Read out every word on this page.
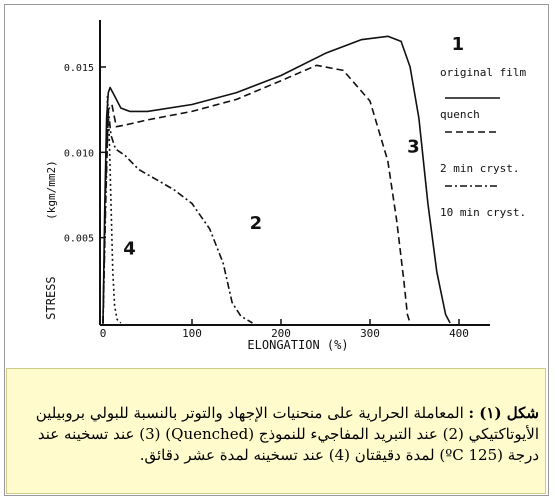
0	100	200	300	400
0.005
0.010
0.015
1
3
2
4
original film
quench
2 min cryst.
10 min cryst.
ELONGATION (%)
STRESS
(kgm/mm2)
شكل (١) : المعاملة الحرارية على منحنيات الإجهاد والتوتر بالنسبة للبولي بروبيلين الأيوتاكتيكي (2) عند التبريد المفاجيء للنموذج (Quenched) (3) عند تسخينه عند درجة (125 ºC) لمدة دقيقتان (4) عند تسخينه لمدة عشر دقائق.
